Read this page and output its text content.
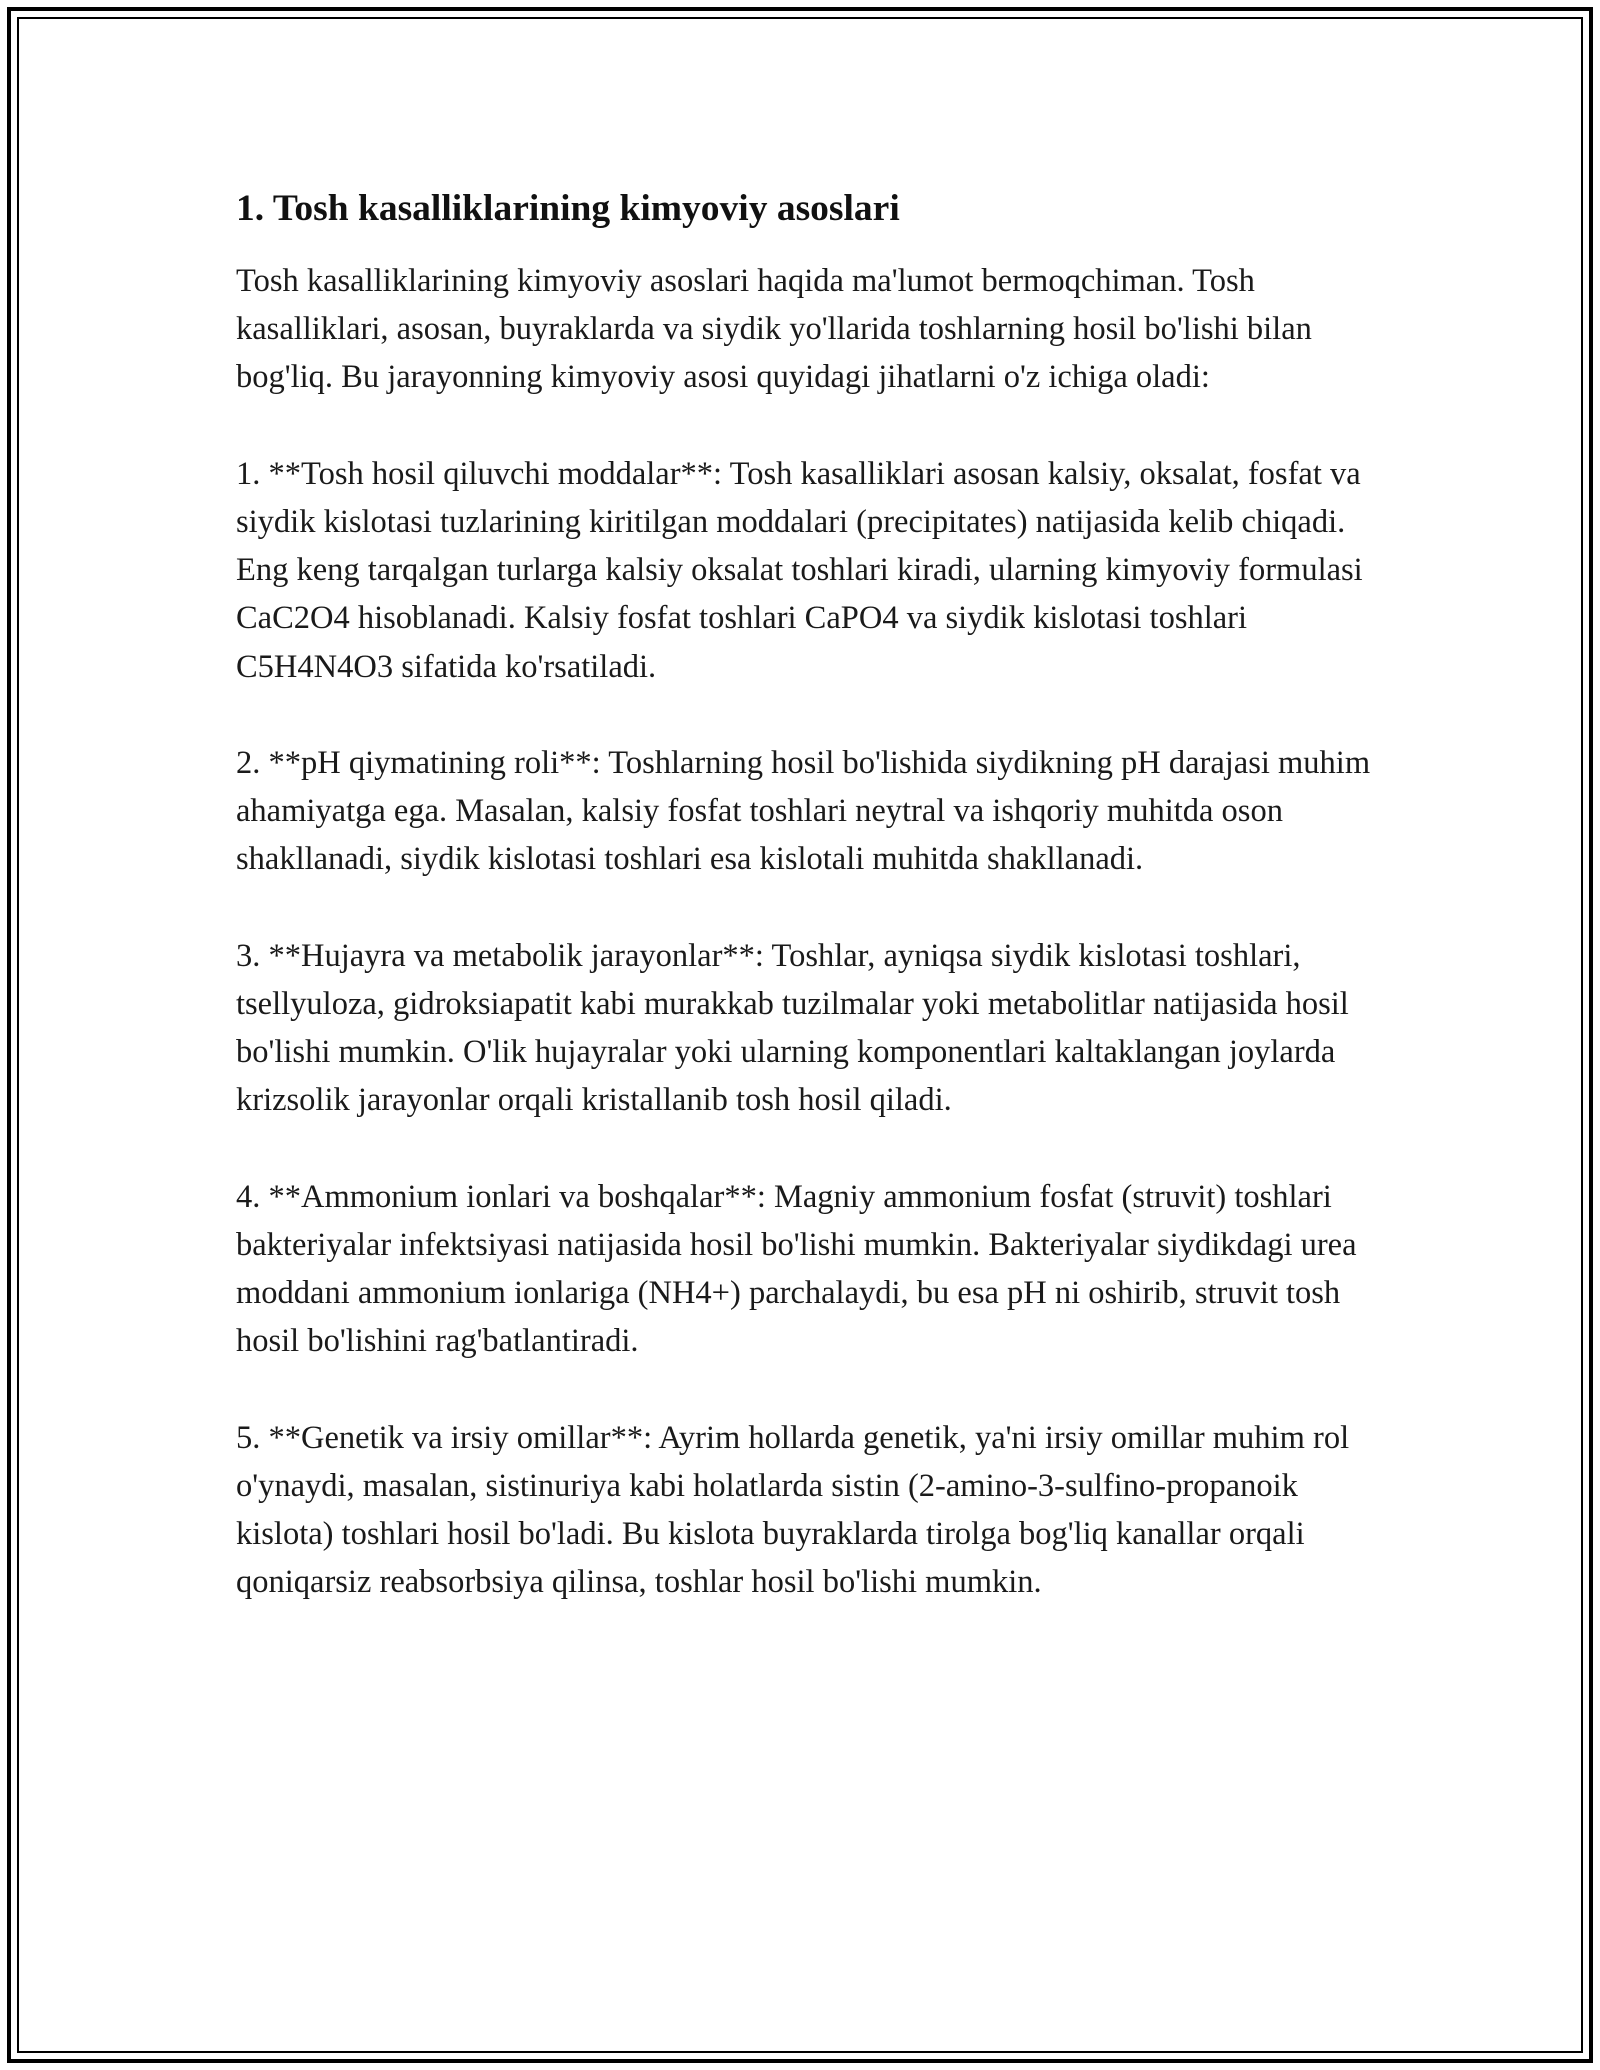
1. Tosh kasalliklarining kimyoviy asoslari

Tosh kasalliklarining kimyoviy asoslari haqida ma'lumot bermoqchiman. Tosh kasalliklari, asosan, buyraklarda va siydik yo'llarida toshlarning hosil bo'lishi bilan bog'liq. Bu jarayonning kimyoviy asosi quyidagi jihatlarni o'z ichiga oladi:

1. **Tosh hosil qiluvchi moddalar**: Tosh kasalliklari asosan kalsiy, oksalat, fosfat va siydik kislotasi tuzlarining kiritilgan moddalari (precipitates) natijasida kelib chiqadi. Eng keng tarqalgan turlarga kalsiy oksalat toshlari kiradi, ularning kimyoviy formulasi CaC2O4 hisoblanadi. Kalsiy fosfat toshlari CaPO4 va siydik kislotasi toshlari C5H4N4O3 sifatida ko'rsatiladi.

2. **pH qiymatining roli**: Toshlarning hosil bo'lishida siydikning pH darajasi muhim ahamiyatga ega. Masalan, kalsiy fosfat toshlari neytral va ishqoriy muhitda oson shakllanadi, siydik kislotasi toshlari esa kislotali muhitda shakllanadi.

3. **Hujayra va metabolik jarayonlar**: Toshlar, ayniqsa siydik kislotasi toshlari, tsellyuloza, gidroksiapatit kabi murakkab tuzilmalar yoki metabolitlar natijasida hosil bo'lishi mumkin. O'lik hujayralar yoki ularning komponentlari kaltaklangan joylarda krizsolik jarayonlar orqali kristallanib tosh hosil qiladi.

4. **Ammonium ionlari va boshqalar**: Magniy ammonium fosfat (struvit) toshlari bakteriyalar infektsiyasi natijasida hosil bo'lishi mumkin. Bakteriyalar siydikdagi urea moddani ammonium ionlariga (NH4+) parchalaydi, bu esa pH ni oshirib, struvit tosh hosil bo'lishini rag'batlantiradi.

5. **Genetik va irsiy omillar**: Ayrim hollarda genetik, ya'ni irsiy omillar muhim rol o'ynaydi, masalan, sistinuriya kabi holatlarda sistin (2-amino-3-sulfino-propanoik kislota) toshlari hosil bo'ladi. Bu kislota buyraklarda tirolga bog'liq kanallar orqali qoniqarsiz reabsorbsiya qilinsa, toshlar hosil bo'lishi mumkin.
